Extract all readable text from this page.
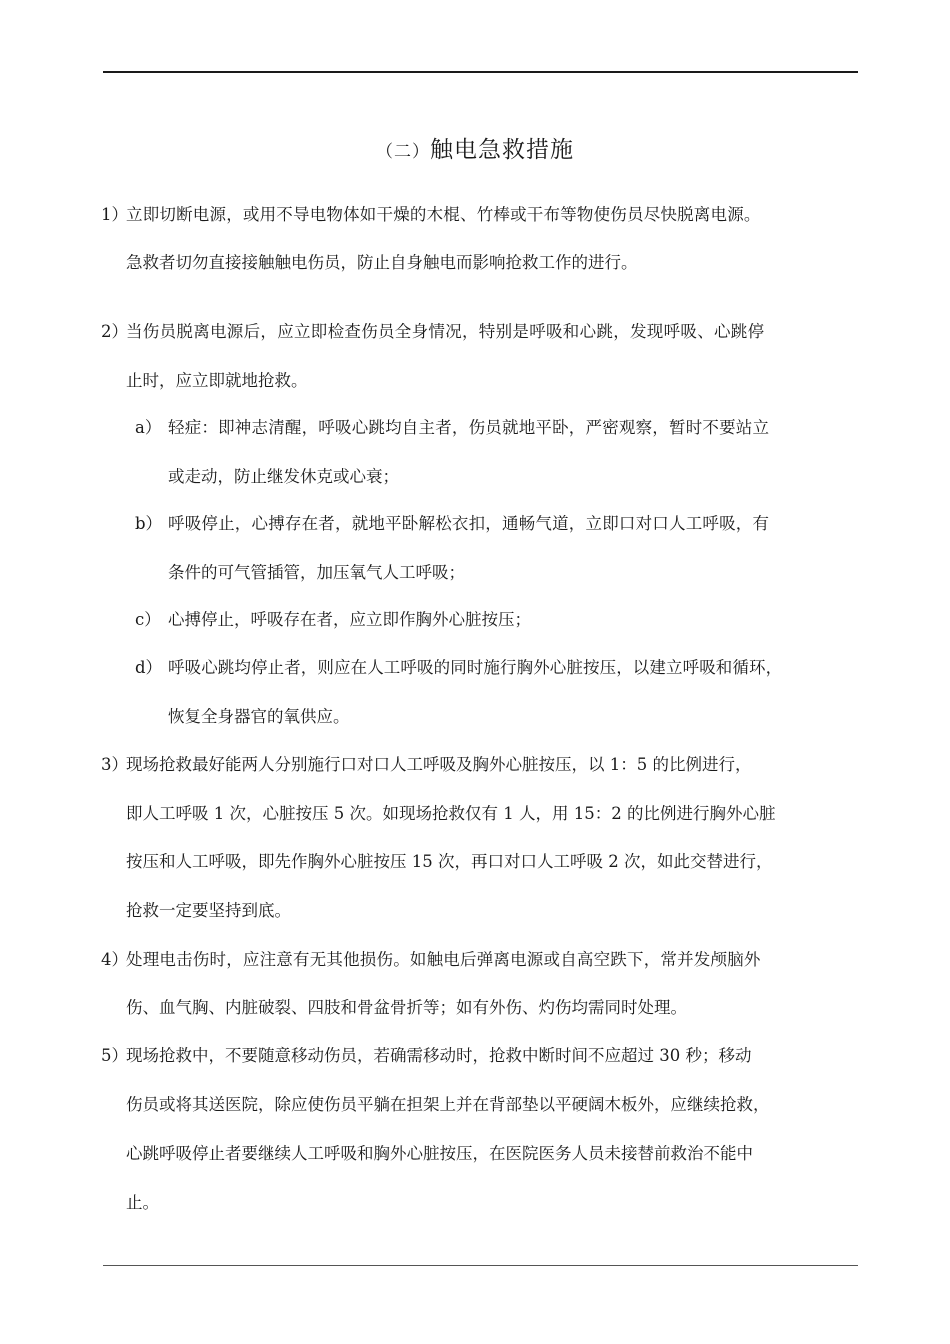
（二）触电急救措施
1）
立即切断电源，或用不导电物体如干燥的木棍、竹棒或干布等物使伤员尽快脱离电源。
急救者切勿直接接触触电伤员，防止自身触电而影响抢救工作的进行。
2）
当伤员脱离电源后，应立即检查伤员全身情况，特别是呼吸和心跳，发现呼吸、心跳停
止时，应立即就地抢救。
a） 轻症：即神志清醒，呼吸心跳均自主者，伤员就地平卧，严密观察，暂时不要站立
或走动，防止继发休克或心衰；
b） 呼吸停止，心搏存在者，就地平卧解松衣扣，通畅气道，立即口对口人工呼吸，有
条件的可气管插管，加压氧气人工呼吸；
c） 心搏停止，呼吸存在者，应立即作胸外心脏按压；
d） 呼吸心跳均停止者，则应在人工呼吸的同时施行胸外心脏按压，以建立呼吸和循环，
恢复全身器官的氧供应。
3）
现场抢救最好能两人分别施行口对口人工呼吸及胸外心脏按压，以 1：5 的比例进行，
即人工呼吸 1 次，心脏按压 5 次。如现场抢救仅有 1 人，用 15：2 的比例进行胸外心脏
按压和人工呼吸，即先作胸外心脏按压 15 次，再口对口人工呼吸 2 次，如此交替进行，
抢救一定要坚持到底。
4）
处理电击伤时，应注意有无其他损伤。如触电后弹离电源或自高空跌下，常并发颅脑外
伤、血气胸、内脏破裂、四肢和骨盆骨折等；如有外伤、灼伤均需同时处理。
5）
现场抢救中，不要随意移动伤员，若确需移动时，抢救中断时间不应超过 30 秒；移动
伤员或将其送医院，除应使伤员平躺在担架上并在背部垫以平硬阔木板外，应继续抢救，
心跳呼吸停止者要继续人工呼吸和胸外心脏按压，在医院医务人员未接替前救治不能中
止。
